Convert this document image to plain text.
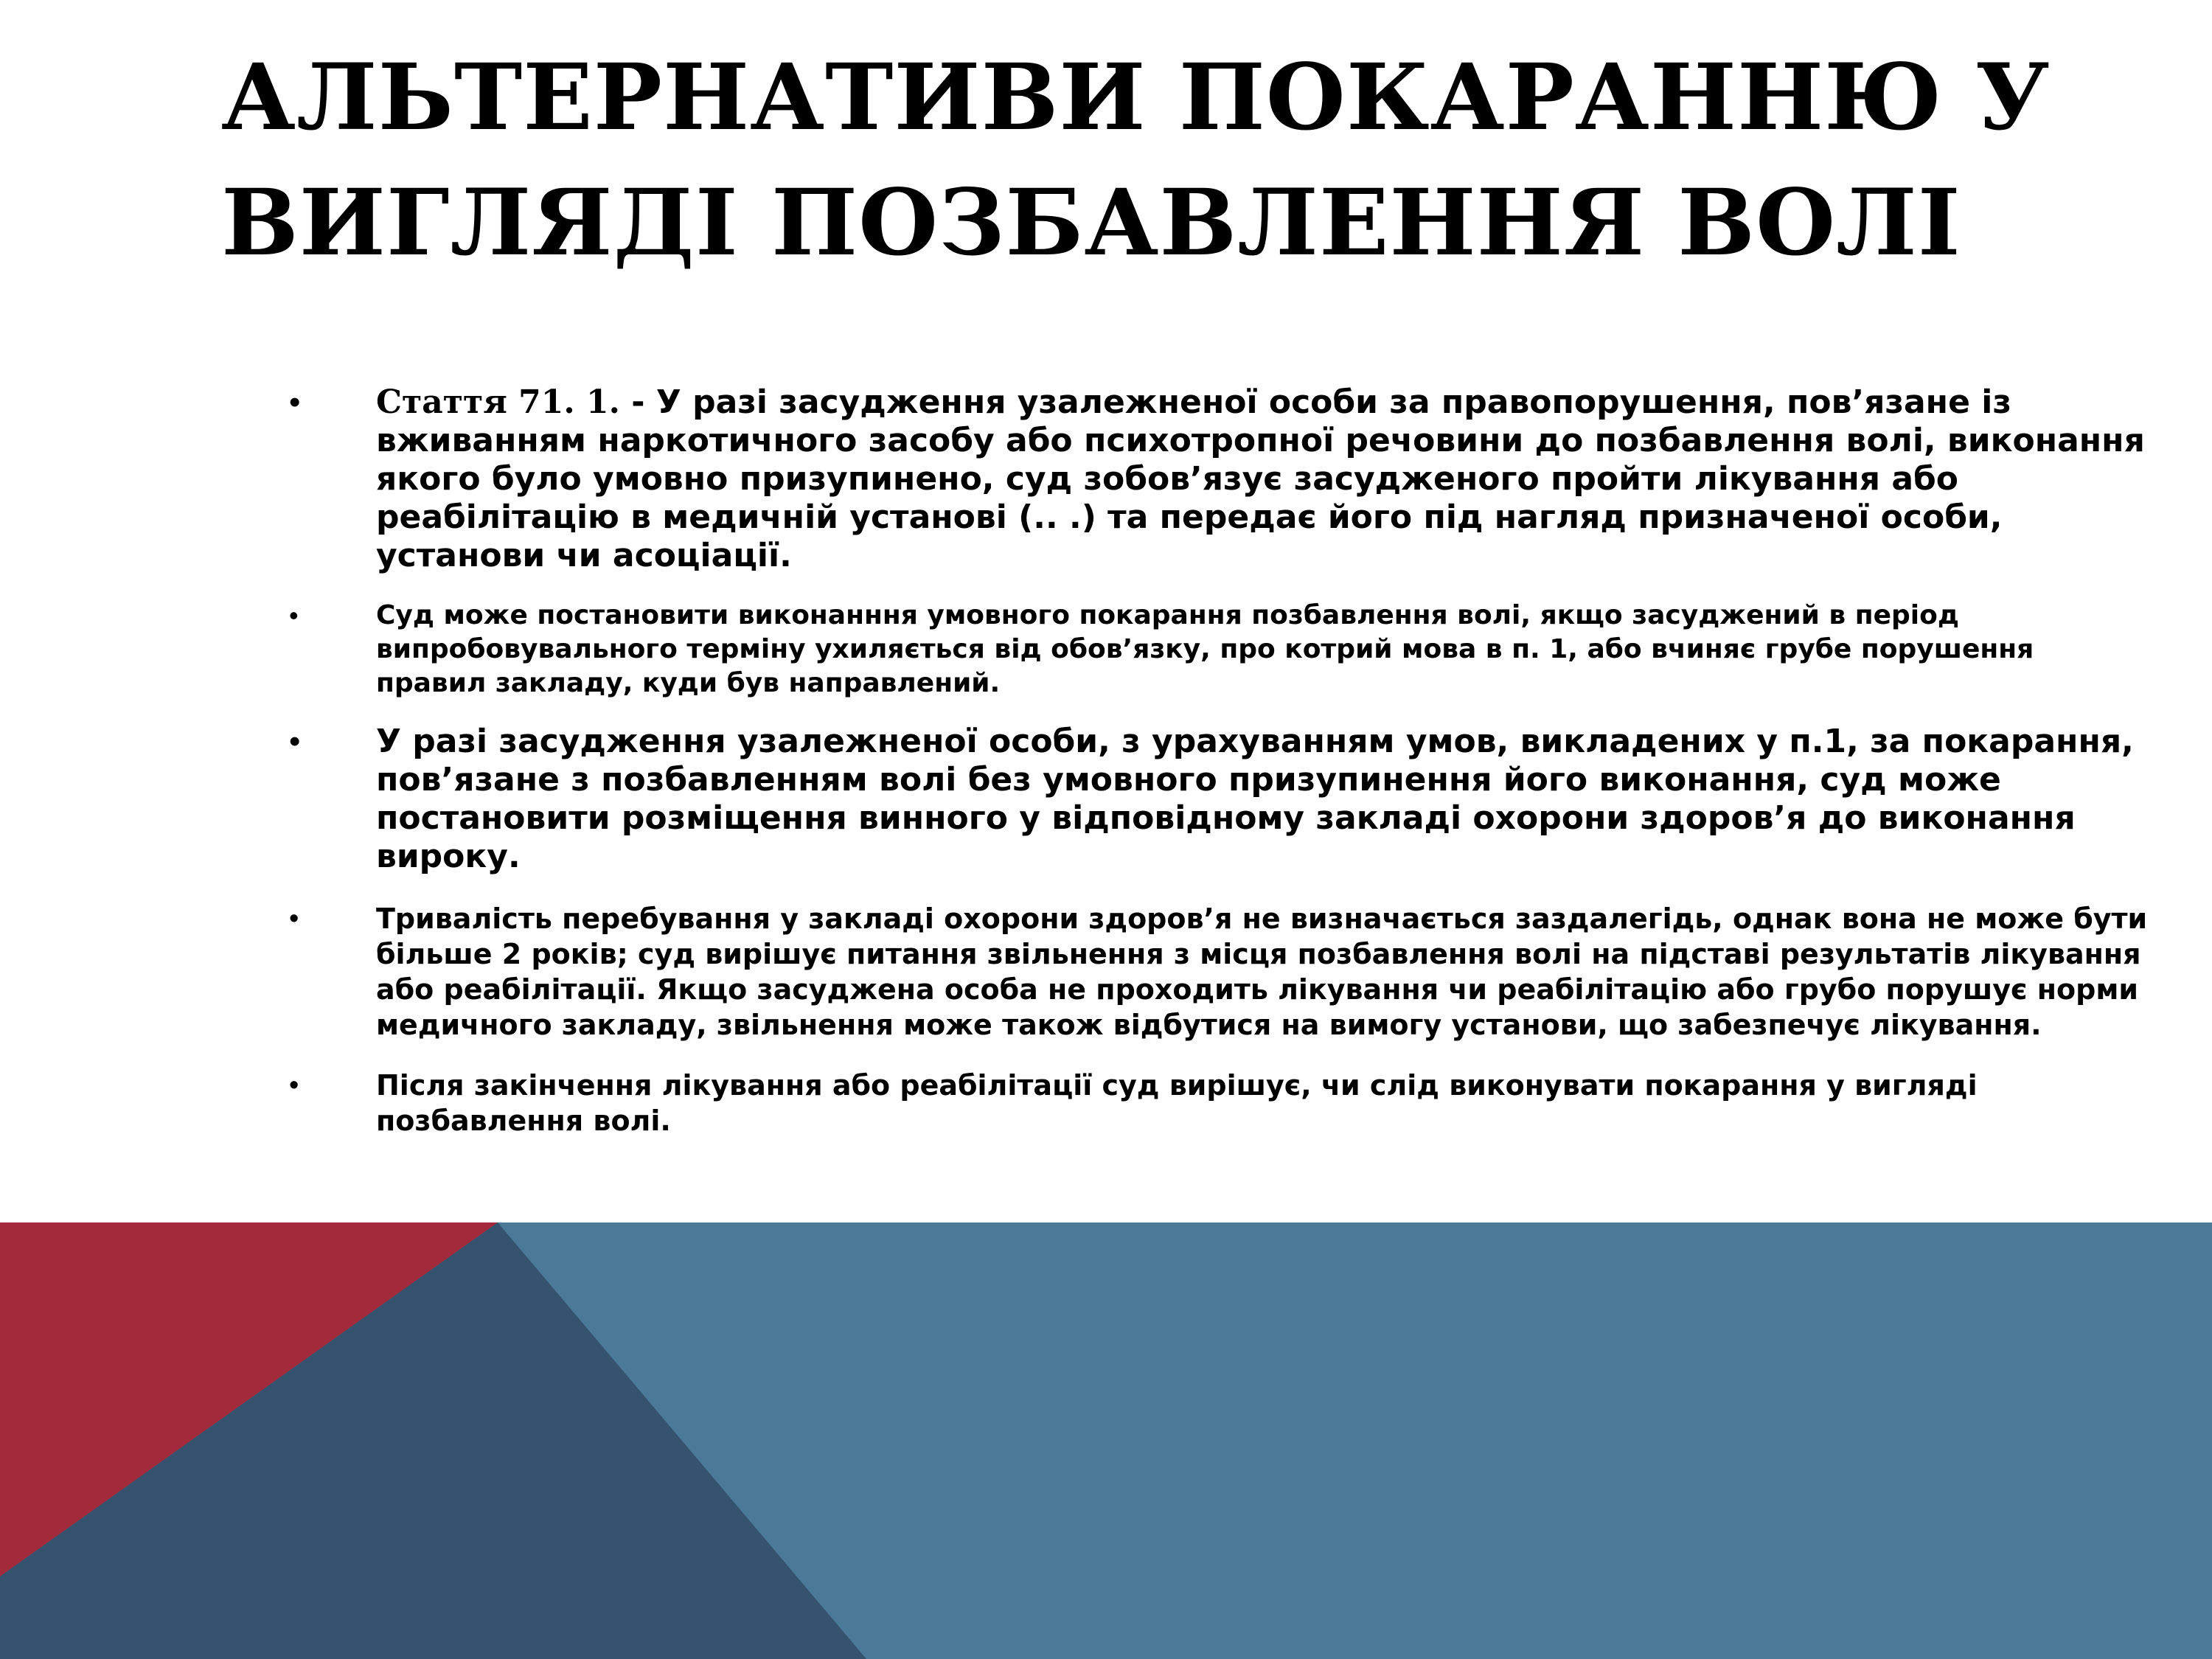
АЛЬТЕРНАТИВИ ПОКАРАННЮ У
ВИГЛЯДІ ПОЗБАВЛЕННЯ ВОЛІ
• Стаття 71. 1. - У разі засудження узалежненої особи за правопорушення, пов’язане із вживанням наркотичного засобу або психотропної речовини до позбавлення волі, виконання якого було умовно призупинено, суд зобов’язує засудженого пройти лікування або реабілітацію в медичній установі (.. .) та передає його під нагляд призначеної особи, установи чи асоціації.
•	Суд може постановити виконанння умовного покарання позбавлення волі, якщо засуджений в період випробовувального терміну ухиляється від обов’язку, про котрий мова в п. 1, або вчиняє грубе порушення правил закладу, куди був направлений.
• У разі засудження узалежненої особи, з урахуванням умов, викладених у п.1, за покарання, пов’язане з позбавленням волі без умовного призупинення його виконання, суд може постановити розміщення винного у відповідному закладі охорони здоров’я до виконання вироку.
•	Тривалість перебування у закладі охорони здоров’я не визначається заздалегідь, однак вона не може бути більше 2 років; суд вирішує питання звільнення з місця позбавлення волі на підставі результатів лікування або реабілітації. Якщо засуджена особа не проходить лікування чи реабілітацію або грубо порушує норми медичного закладу, звільнення може також відбутися на вимогу установи, що забезпечує лікування.
•	Після закінчення лікування або реабілітації суд вирішує, чи слід виконувати покарання у вигляді позбавлення волі.
